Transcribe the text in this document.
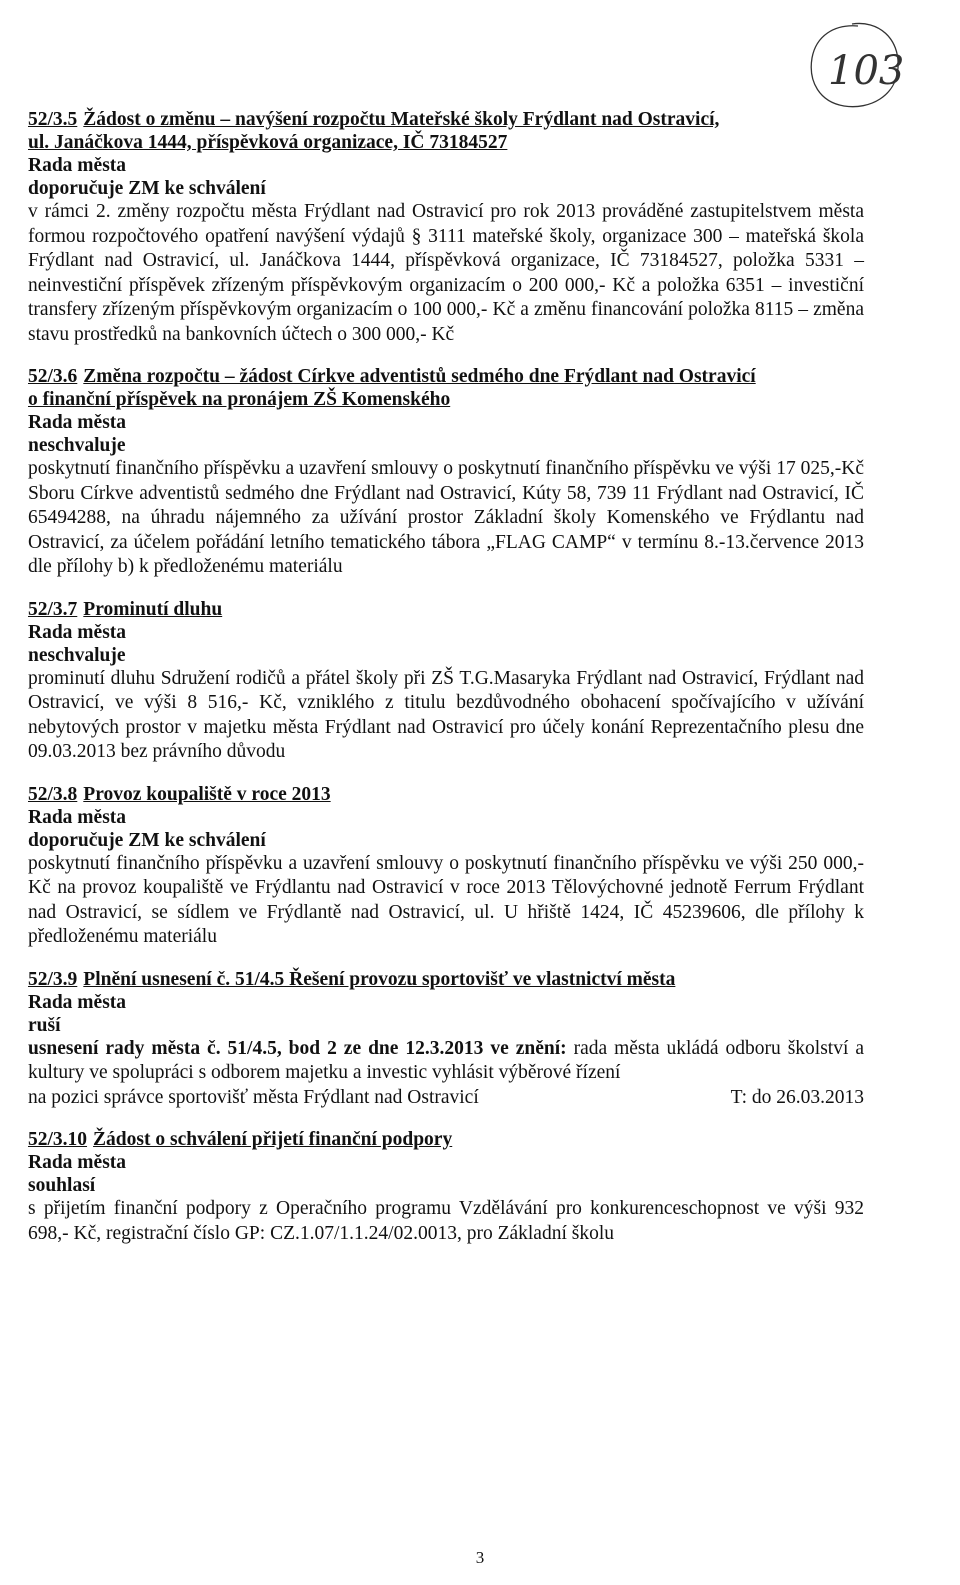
103
52/3.5 Žádost o změnu – navýšení rozpočtu Mateřské školy Frýdlant nad Ostravicí,
ul. Janáčkova 1444, příspěvková organizace, IČ 73184527
Rada města
doporučuje ZM ke schválení
v rámci 2. změny rozpočtu města Frýdlant nad Ostravicí pro rok 2013 prováděné zastupitelstvem města formou rozpočtového opatření navýšení výdajů § 3111 mateřské školy, organizace 300 – mateřská škola Frýdlant nad Ostravicí, ul. Janáčkova 1444, příspěvková organizace, IČ 73184527, položka 5331 – neinvestiční příspěvek zřízeným příspěvkovým organizacím o 200 000,- Kč a položka 6351 – investiční transfery zřízeným příspěvkovým organizacím o 100 000,- Kč a změnu financování položka 8115 – změna stavu prostředků na bankovních účtech o 300 000,- Kč
52/3.6 Změna rozpočtu – žádost Církve adventistů sedmého dne Frýdlant nad Ostravicí
o finanční příspěvek na pronájem ZŠ Komenského
Rada města
neschvaluje
poskytnutí finančního příspěvku a uzavření smlouvy o poskytnutí finančního příspěvku ve výši 17 025,-Kč Sboru Církve adventistů sedmého dne Frýdlant nad Ostravicí, Kúty 58, 739 11 Frýdlant nad Ostravicí, IČ 65494288, na úhradu nájemného za užívání prostor Základní školy Komenského ve Frýdlantu nad Ostravicí, za účelem pořádání letního tematického tábora „FLAG CAMP“ v termínu 8.-13.července 2013 dle přílohy b) k předloženému materiálu
52/3.7 Prominutí dluhu
Rada města
neschvaluje
prominutí dluhu Sdružení rodičů a přátel školy při ZŠ T.G.Masaryka Frýdlant nad Ostravicí, Frýdlant nad Ostravicí, ve výši 8 516,- Kč, vzniklého z titulu bezdůvodného obohacení spočívajícího v užívání nebytových prostor v majetku města Frýdlant nad Ostravicí pro účely konání Reprezentačního plesu dne 09.03.2013 bez právního důvodu
52/3.8 Provoz koupaliště v roce 2013
Rada města
doporučuje ZM ke schválení
poskytnutí finančního příspěvku a uzavření smlouvy o poskytnutí finančního příspěvku ve výši 250 000,- Kč na provoz koupaliště ve Frýdlantu nad Ostravicí v roce 2013 Tělovýchovné jednotě Ferrum Frýdlant nad Ostravicí, se sídlem ve Frýdlantě nad Ostravicí, ul. U hřiště 1424, IČ 45239606, dle přílohy k předloženému materiálu
52/3.9 Plnění usnesení č. 51/4.5 Řešení provozu sportovišť ve vlastnictví města
Rada města
ruší
usnesení rady města č. 51/4.5, bod 2 ze dne 12.3.2013 ve znění: rada města ukládá odboru školství a kultury ve spolupráci s odborem majetku a investic vyhlásit výběrové řízení
na pozici správce sportovišť města Frýdlant nad Ostravicí	T: do 26.03.2013
52/3.10 Žádost o schválení přijetí finanční podpory
Rada města
souhlasí
s přijetím finanční podpory z Operačního programu Vzdělávání pro konkurenceschopnost ve výši 932 698,- Kč, registrační číslo GP: CZ.1.07/1.1.24/02.0013, pro Základní školu
3
